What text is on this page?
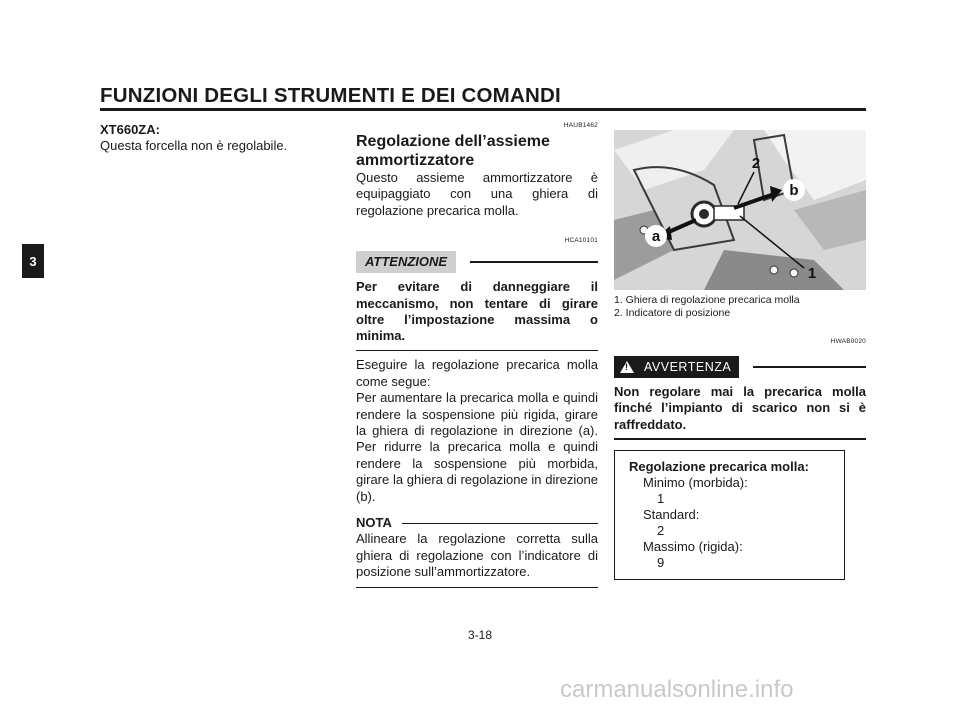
FUNZIONI DEGLI STRUMENTI E DEI COMANDI
3
XT660ZA:
Questa forcella non è regolabile.
HAUB1462
Regolazione dell’assieme
ammortizzatore
Questo assieme ammortizzatore è equipaggiato con una ghiera di regolazione precarica molla.
HCA10101
ATTENZIONE
Per evitare di danneggiare il meccanismo, non tentare di girare oltre l’impostazione massima o minima.
Eseguire la regolazione precarica molla come segue:
Per aumentare la precarica molla e quindi rendere la sospensione più rigida, girare la ghiera di regolazione in direzione (a). Per ridurre la precarica molla e quindi rendere la sospensione più morbida, girare la ghiera di regolazione in direzione (b).
NOTA
Allineare la regolazione corretta sulla ghiera di regolazione con l’indicatore di posizione sull’ammortizzatore.
a
b
2
1
1. Ghiera di regolazione precarica molla
2. Indicatore di posizione
HWAB0020
! AVVERTENZA
Non regolare mai la precarica molla finché l’impianto di scarico non si è raffreddato.
Regolazione precarica molla:
Minimo (morbida):
1
Standard:
2
Massimo (rigida):
9
3-18
carmanualsonline.info
